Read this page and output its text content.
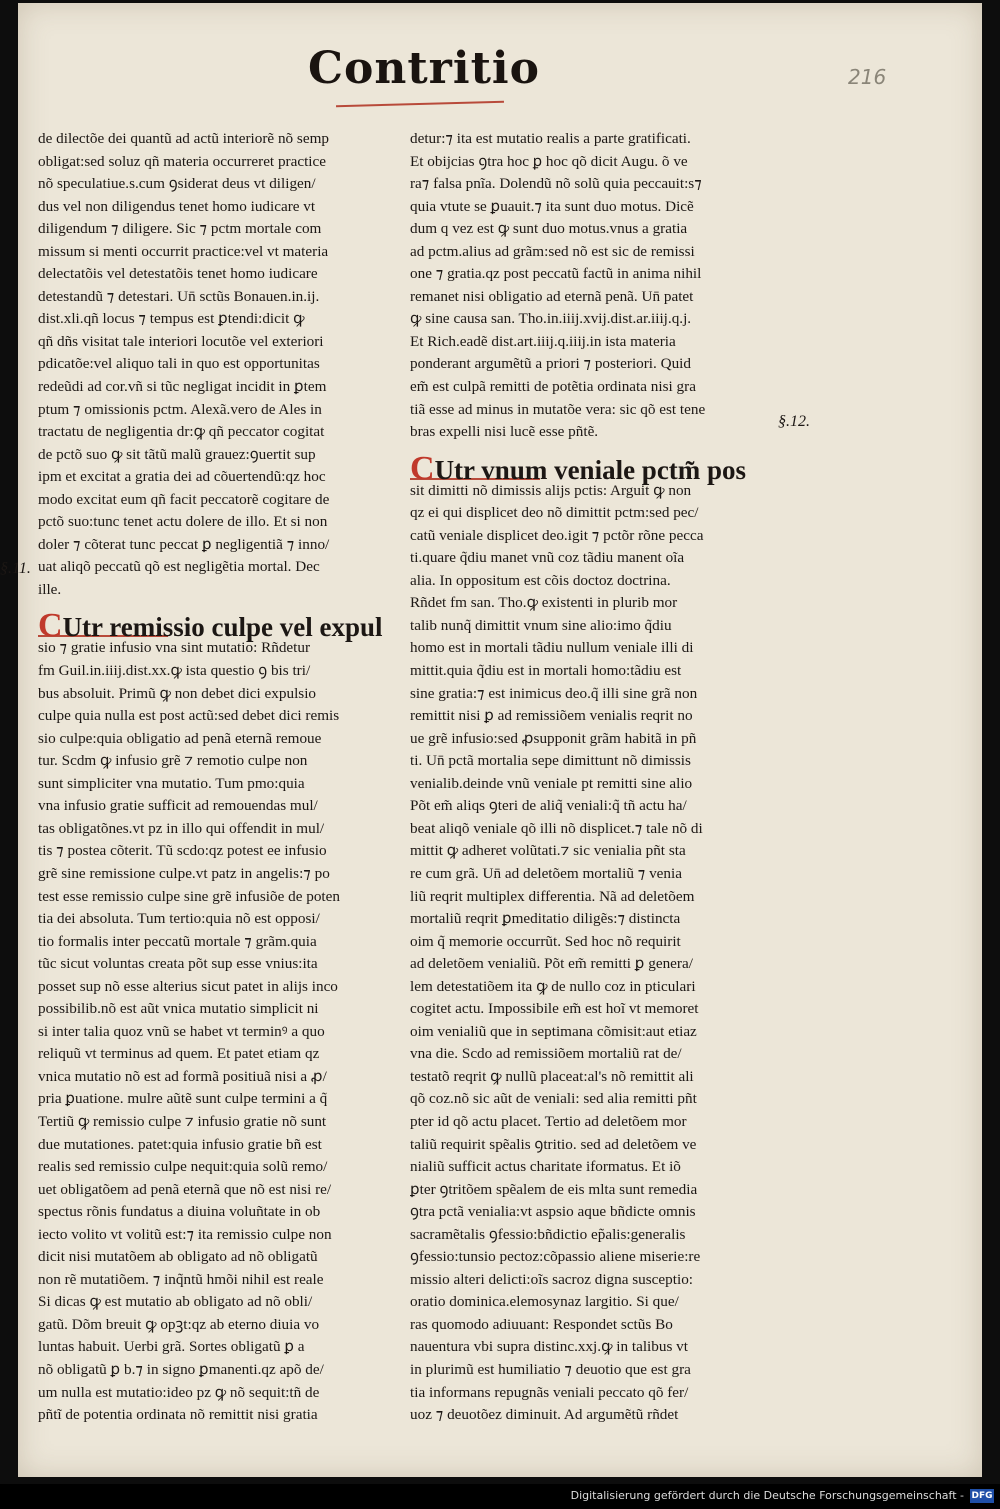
Contritio	216
§.11.
§.12.
de dilectõe dei quantũ ad actũ interiorẽ nõ semp
obligat:sed soluz qñ materia occurreret practice
nõ speculatiue.s.cum ꝯsiderat deus vt diligen/
dus vel non diligendus tenet homo iudicare vt
diligendum ⁊ diligere. Sic ⁊ pctm mortale com
missum si menti occurrit practice:vel vt materia
delectatõis vel detestatõis tenet homo iudicare
detestandũ ⁊ detestari. Un̄ sctũs Bonauen.in.ij.
dist.xli.qñ locus ⁊ tempus est ꝑtendi:dicit ꝙ
qñ dñs visitat tale interiori locutõe vel exteriori
pdicatõe:vel aliquo tali in quo est opportunitas
redeũdi ad cor.vñ si tũc negligat incidit in ꝑtem
ptum ⁊ omissionis pctm. Alexã.vero de Ales in
tractatu de negligentia dr:ꝙ qñ peccator cogitat
de pctõ suo ꝙ sit tãtũ malũ grauez:ꝯuertit sup
ipm et excitat a gratia dei ad cõuertendũ:qz hoc
modo excitat eum qñ facit peccatorẽ cogitare de
pctõ suo:tunc tenet actu dolere de illo. Et si non
doler ⁊ cõterat tunc peccat ꝑ negligentiã ⁊ inno/
uat aliqõ peccatũ qõ est negligẽtia mortal. Dec
ille.
CUtr remissio culpe vel expul
sio ⁊ gratie infusio vna sint mutatio: Rñdetur
fm Guil.in.iiij.dist.xx.ꝙ ista questio ꝯ bis tri/
bus absoluit. Primũ ꝙ non debet dici expulsio
culpe quia nulla est post actũ:sed debet dici remis
sio culpe:quia obligatio ad penã eternã remoue
tur. Scdm ꝙ infusio grẽ ⁊ remotio culpe non
sunt simpliciter vna mutatio. Tum pmo:quia
vna infusio gratie sufficit ad remouendas mul/
tas obligatõnes.vt pz in illo qui offendit in mul/
tis ⁊ postea cõterit. Tũ scdo:qz potest ee infusio
grẽ sine remissione culpe.vt patz in angelis:⁊ po
test esse remissio culpe sine grẽ infusiõe de poten
tia dei absoluta. Tum tertio:quia nõ est opposi/
tio formalis inter peccatũ mortale ⁊ grãm.quia
tũc sicut voluntas creata põt sup esse vnius:ita
posset sup nõ esse alterius sicut patet in alijs inco
possibilib.nõ est aũt vnica mutatio simplicit ni
si inter talia quoz vnũ se habet vt terminꝰ a quo
reliquũ vt terminus ad quem. Et patet etiam qz
vnica mutatio nõ est ad formã positiuã nisi a ꝓ/
pria ꝑuatione. mulre aũtẽ sunt culpe termini a q̃
Tertiũ ꝙ remissio culpe ⁊ infusio gratie nõ sunt
due mutationes. patet:quia infusio gratie bñ est
realis sed remissio culpe nequit:quia solũ remo/
uet obligatõem ad penã eternã que nõ est nisi re/
spectus rõnis fundatus a diuina voluñtate in ob
iecto volito vt volitũ est:⁊ ita remissio culpe non
dicit nisi mutatõem ab obligato ad nõ obligatũ
non rẽ mutatiõem. ⁊ inq̃ntũ hmõi nihil est reale
Si dicas ꝙ est mutatio ab obligato ad nõ obli/
gatũ. Dõm breuit ꝙ opꝫt:qz ab eterno diuia vo
luntas habuit. Uerbi grã. Sortes obligatũ ꝑ a
nõ obligatũ ꝑ b.⁊ in signo ꝑmanenti.qz apõ de/
um nulla est mutatio:ideo pz ꝙ nõ sequit:tñ de
pñtĩ de potentia ordinata nõ remittit nisi gratia
detur:⁊ ita est mutatio realis a parte gratificati.
Et obijcias ꝯtra hoc ꝑ hoc qõ dicit Augu. õ ve
ra⁊ falsa pnĩa. Dolendũ nõ solũ quia peccauit:s⁊
quia vtute se ꝑuauit.⁊ ita sunt duo motus. Dicẽ
dum q vez est ꝙ sunt duo motus.vnus a gratia
ad pctm.alius ad grãm:sed nõ est sic de remissi
one ⁊ gratia.qz post peccatũ factũ in anima nihil
remanet nisi obligatio ad eternã penã. Un̄ patet
ꝙ sine causa san. Tho.in.iiij.xvij.dist.ar.iiij.q.j.
Et Rich.eadẽ dist.art.iiij.q.iiij.in ista materia
ponderant argumẽtũ a priori ⁊ posteriori. Quid
em̃ est culpã remitti de potẽtia ordinata nisi gra
tiã esse ad minus in mutatõe vera: sic qõ est tene
bras expelli nisi lucẽ esse pñtẽ.
CUtr vnum veniale pctm̃ pos
sit dimitti nõ dimissis alijs pctis: Arguit ꝙ non
qz ei qui displicet deo nõ dimittit pctm:sed pec/
catũ veniale displicet deo.igit ⁊ pctõr rõne pecca
ti.quare q̃diu manet vnũ coz tãdiu manent oĩa
alia. In oppositum est cõis doctoz doctrina.
Rñdet fm san. Tho.ꝙ existenti in plurib mor
talib nunq̃ dimittit vnum sine alio:imo q̃diu
homo est in mortali tãdiu nullum veniale illi di
mittit.quia q̃diu est in mortali homo:tãdiu est
sine gratia:⁊ est inimicus deo.q̃ illi sine grã non
remittit nisi ꝑ ad remissiõem venialis reqrit no
ue grẽ infusio:sed ꝓsupponit grãm habitã in pñ
ti. Un̄ pctã mortalia sepe dimittunt nõ dimissis
venialib.deinde vnũ veniale pt remitti sine alio
Põt em̃ aliqs ꝯteri de aliq̃ veniali:q̃ tñ actu ha/
beat aliqõ veniale qõ illi nõ displicet.⁊ tale nõ di
mittit ꝙ adheret volũtati.⁊ sic venialia pñt sta
re cum grã. Un̄ ad deletõem mortaliũ ⁊ venia
liũ reqrit multiplex differentia. Nã ad deletõem
mortaliũ reqrit ꝑmeditatio diligẽs:⁊ distincta
oim q̃ memorie occurrũt. Sed hoc nõ requirit
ad deletõem venialiũ. Põt em̃ remitti ꝑ genera/
lem detestatiõem ita ꝙ de nullo coz in pticulari
cogitet actu. Impossibile em̃ est hoĩ vt memoret
oim venialiũ que in septimana cõmisit:aut etiaz
vna die. Scdo ad remissiõem mortaliũ rat de/
testatõ reqrit ꝙ nullũ placeat:al's nõ remittit ali
qõ coz.nõ sic aũt de veniali: sed alia remitti pñt
pter id qõ actu placet. Tertio ad deletõem mor
taliũ requirit spẽalis ꝯtritio. sed ad deletõem ve
nialiũ sufficit actus charitate iformatus. Et iõ
ꝑter ꝯtritõem spẽalem de eis mlta sunt remedia
ꝯtra pctã venialia:vt aspsio aque bñdicte omnis
sacramẽtalis ꝯfessio:bñdictio ep̃alis:generalis
ꝯfessio:tunsio pectoz:cõpassio aliene miserie:re
missio alteri delicti:oĩs sacroz digna susceptio:
oratio dominica.elemosynaz largitio. Si que/
ras quomodo adiuuant: Respondet sctũs Bo
nauentura vbi supra distinc.xxj.ꝙ in talibus vt
in plurimũ est humiliatio ⁊ deuotio que est gra
tia informans repugnãs veniali peccato qõ fer/
uoz ⁊ deuotõez diminuit. Ad argumẽtũ rñdet
Digitalisierung gefördert durch die Deutsche Forschungsgemeinschaft - DFG
